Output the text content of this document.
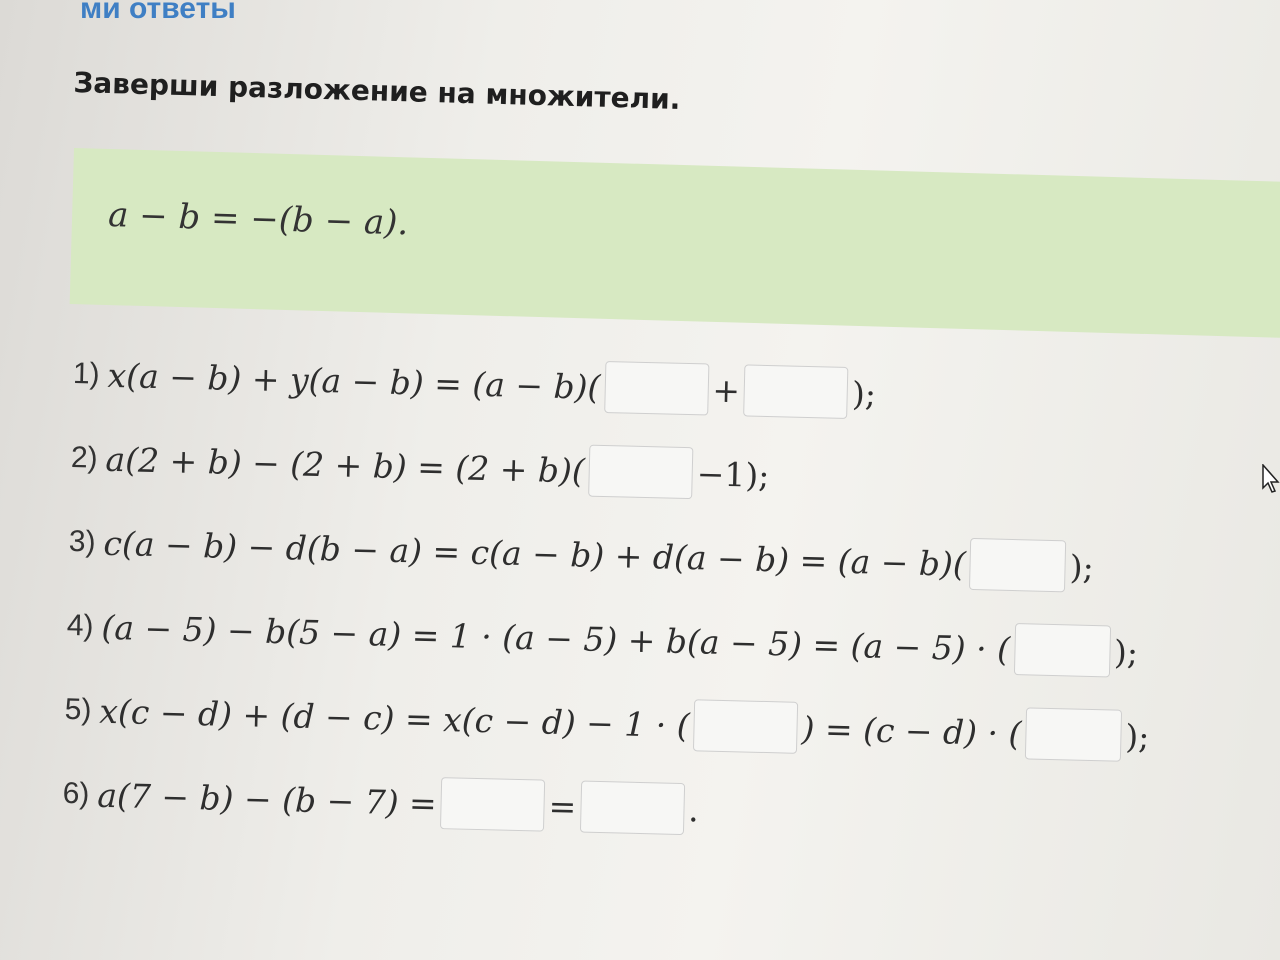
ми ответы
Заверши разложение на множители.
a − b = −(b − a).
1) x(a − b) + y(a − b) = (a − b)(	+	);
2) a(2 + b) − (2 + b) = (2 + b)(	−1);
3) c(a − b) − d(b − a) = c(a − b) + d(a − b) = (a − b)(	);
4) (a − 5) − b(5 − a) = 1 · (a − 5) + b(a − 5) = (a − 5) · (	);
5) x(c − d) + (d − c) = x(c − d) − 1 · (	) = (c − d) · (	);
6) a(7 − b) − (b − 7) =	=	.
